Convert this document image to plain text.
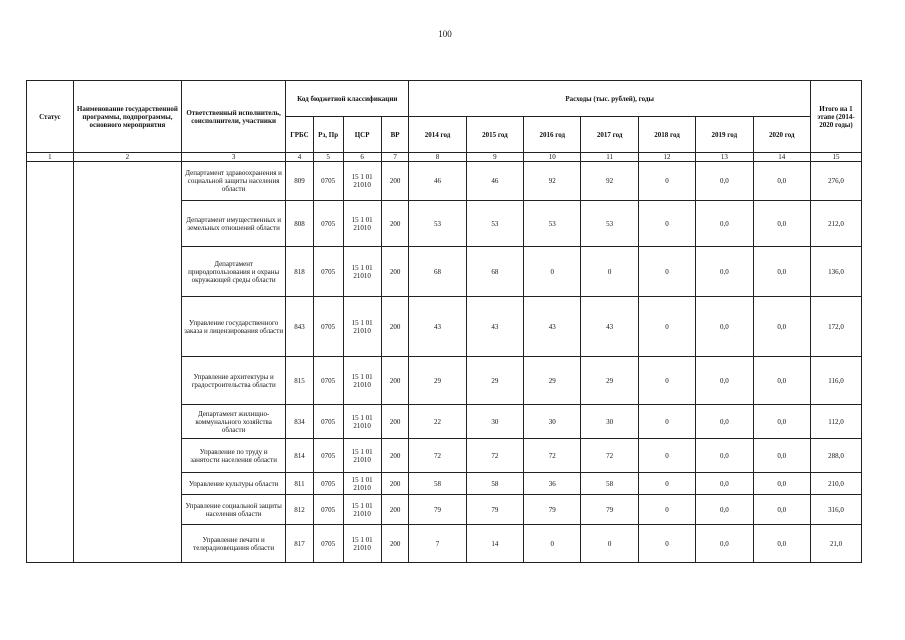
100
Статус	Наименование государственной программы, подпрограммы, основного мероприятия	Ответственный исполнитель, соисполнители, участники	Код бюджетной классификации				Расходы (тыс. рублей), годы							Итого на 1 этапе (2014-2020 годы)
			ГРБС	Рз, Пр	ЦСР	ВР	2014 год	2015 год	2016 год	2017 год	2018 год	2019 год	2020 год	
1	2	3	4	5	6	7	8	9	10	11	12	13	14	15
		Департамент здравоохранения и социальной защиты населения области	809	0705	15 1 01 21010	200	46	46	92	92	0	0,0	0,0	276,0
		Департамент имущественных и земельных отношений области	808	0705	15 1 01 21010	200	53	53	53	53	0	0,0	0,0	212,0
		Департамент природопользования и охраны окружающей среды области	818	0705	15 1 01 21010	200	68	68	0	0	0	0,0	0,0	136,0
		Управление государственного заказа и лицензирования области	843	0705	15 1 01 21010	200	43	43	43	43	0	0,0	0,0	172,0
		Управление архитектуры и градостроительства области	815	0705	15 1 01 21010	200	29	29	29	29	0	0,0	0,0	116,0
		Департамент жилищно-коммунального хозяйства области	834	0705	15 1 01 21010	200	22	30	30	30	0	0,0	0,0	112,0
		Управление по труду и занятости населения области	814	0705	15 1 01 21010	200	72	72	72	72	0	0,0	0,0	288,0
		Управление культуры области	811	0705	15 1 01 21010	200	58	58	36	58	0	0,0	0,0	210,0
		Управление социальной защиты населения области	812	0705	15 1 01 21010	200	79	79	79	79	0	0,0	0,0	316,0
		Управление печати и телерадиовещания области	817	0705	15 1 01 21010	200	7	14	0	0	0	0,0	0,0	21,0
